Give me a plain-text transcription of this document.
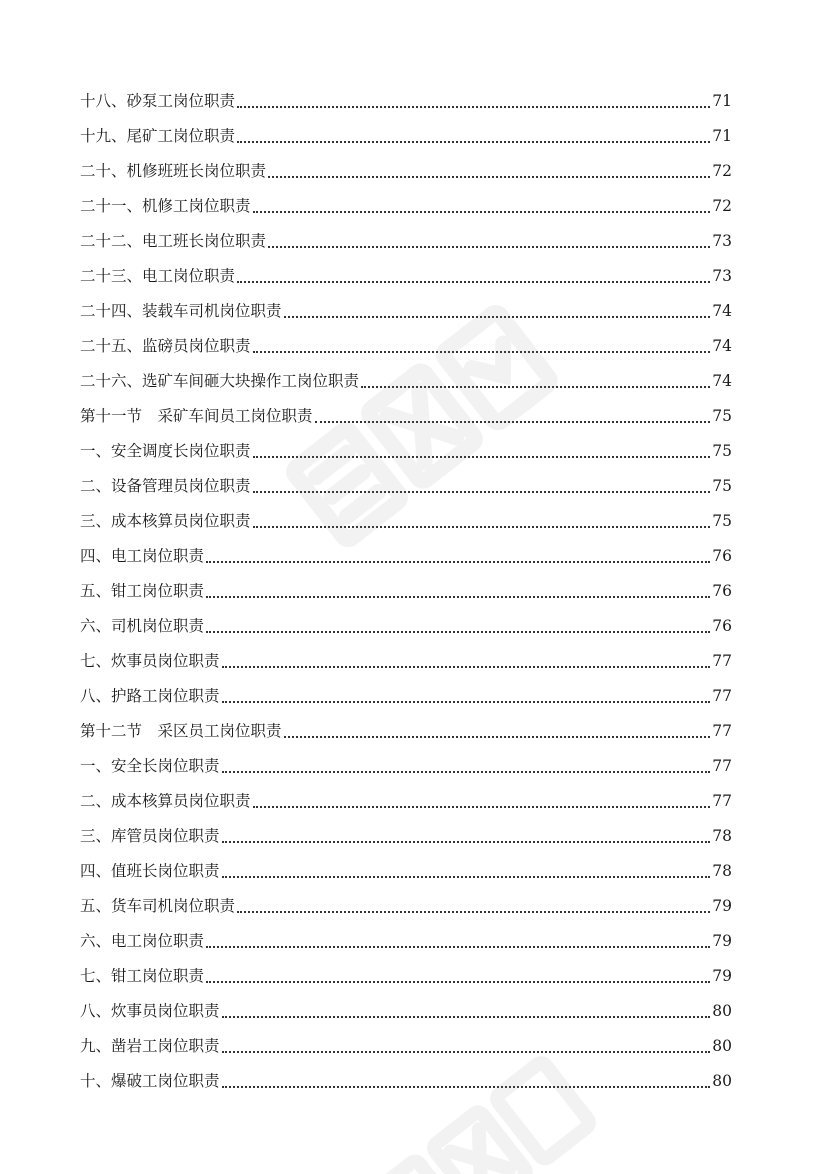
十八、砂泵工岗位职责	71
十九、尾矿工岗位职责	71
二十、机修班班长岗位职责	72
二十一、机修工岗位职责	72
二十二、电工班长岗位职责	73
二十三、电工岗位职责	73
二十四、装载车司机岗位职责	74
二十五、监磅员岗位职责	74
二十六、选矿车间砸大块操作工岗位职责	74
第十一节 采矿车间员工岗位职责	75
一、安全调度长岗位职责	75
二、设备管理员岗位职责	75
三、成本核算员岗位职责	75
四、电工岗位职责	76
五、钳工岗位职责	76
六、司机岗位职责	76
七、炊事员岗位职责	77
八、护路工岗位职责	77
第十二节 采区员工岗位职责	77
一、安全长岗位职责	77
二、成本核算员岗位职责	77
三、库管员岗位职责	78
四、值班长岗位职责	78
五、货车司机岗位职责	79
六、电工岗位职责	79
七、钳工岗位职责	79
八、炊事员岗位职责	80
九、凿岩工岗位职责	80
十、爆破工岗位职责	80
